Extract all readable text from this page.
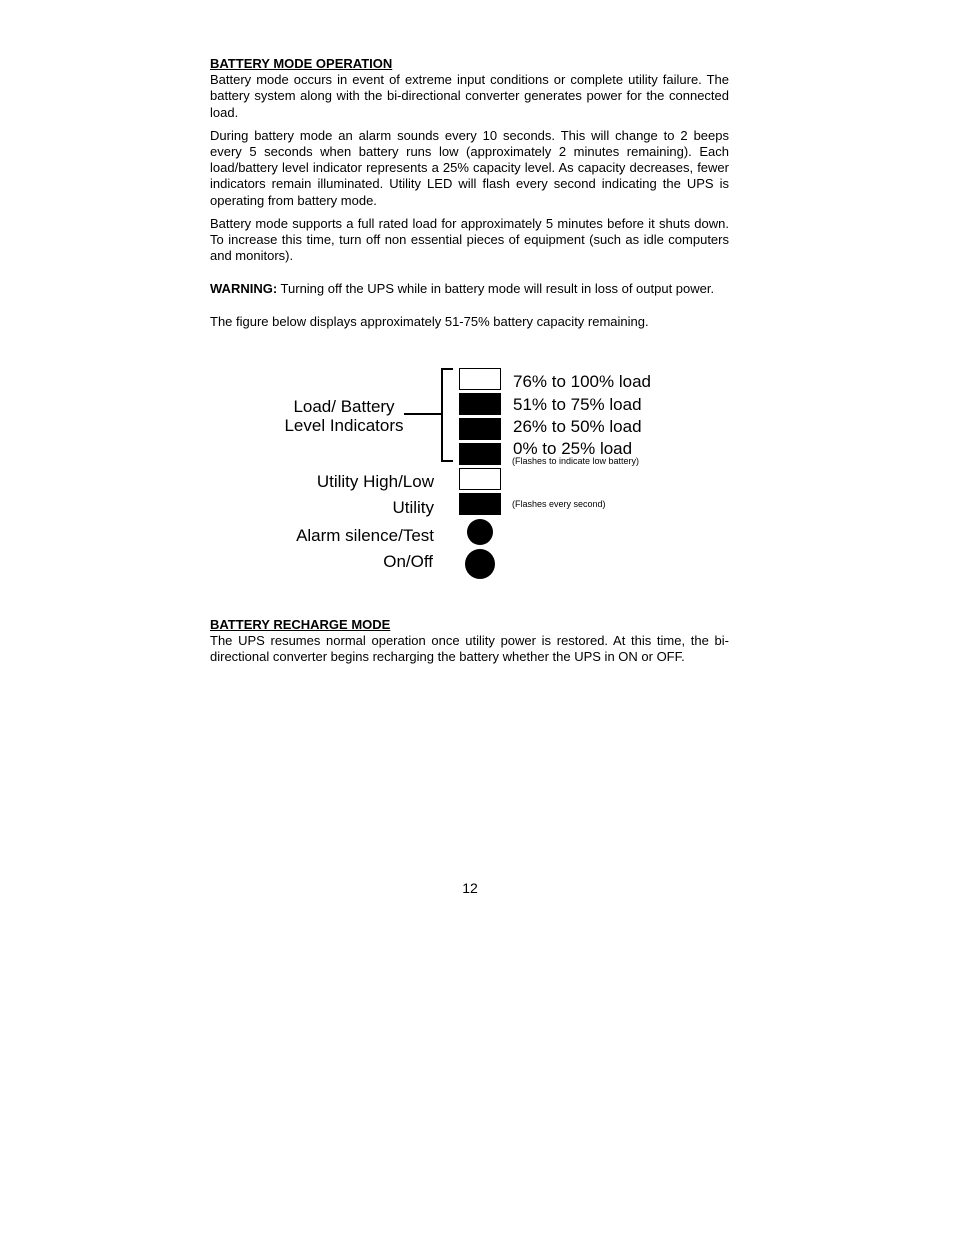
BATTERY MODE OPERATION

Battery mode occurs in event of extreme input conditions or complete utility failure. The battery system along with the bi-directional converter generates power for the connected load.

During battery mode an alarm sounds every 10 seconds. This will change to 2 beeps every 5 seconds when battery runs low (approximately 2 minutes remaining). Each load/battery level indicator represents a 25% capacity level. As capacity decreases, fewer indicators remain illuminated. Utility LED will flash every second indicating the UPS is operating from battery mode.

Battery mode supports a full rated load for approximately 5 minutes before it shuts down. To increase this time, turn off non essential pieces of equipment (such as idle computers and monitors).

WARNING: Turning off the UPS while in battery mode will result in loss of output power.

The figure below displays approximately 51-75% battery capacity remaining.

Load/ Battery
Level Indicators
76% to 100% load
51% to 75% load
26% to 50% load
0% to 25% load
(Flashes to indicate low battery)
Utility High/Low
Utility	(Flashes every second)
Alarm silence/Test
On/Off
BATTERY RECHARGE MODE

The UPS resumes normal operation once utility power is restored. At this time, the bi-directional converter begins recharging the battery whether the UPS in ON or OFF.

12
